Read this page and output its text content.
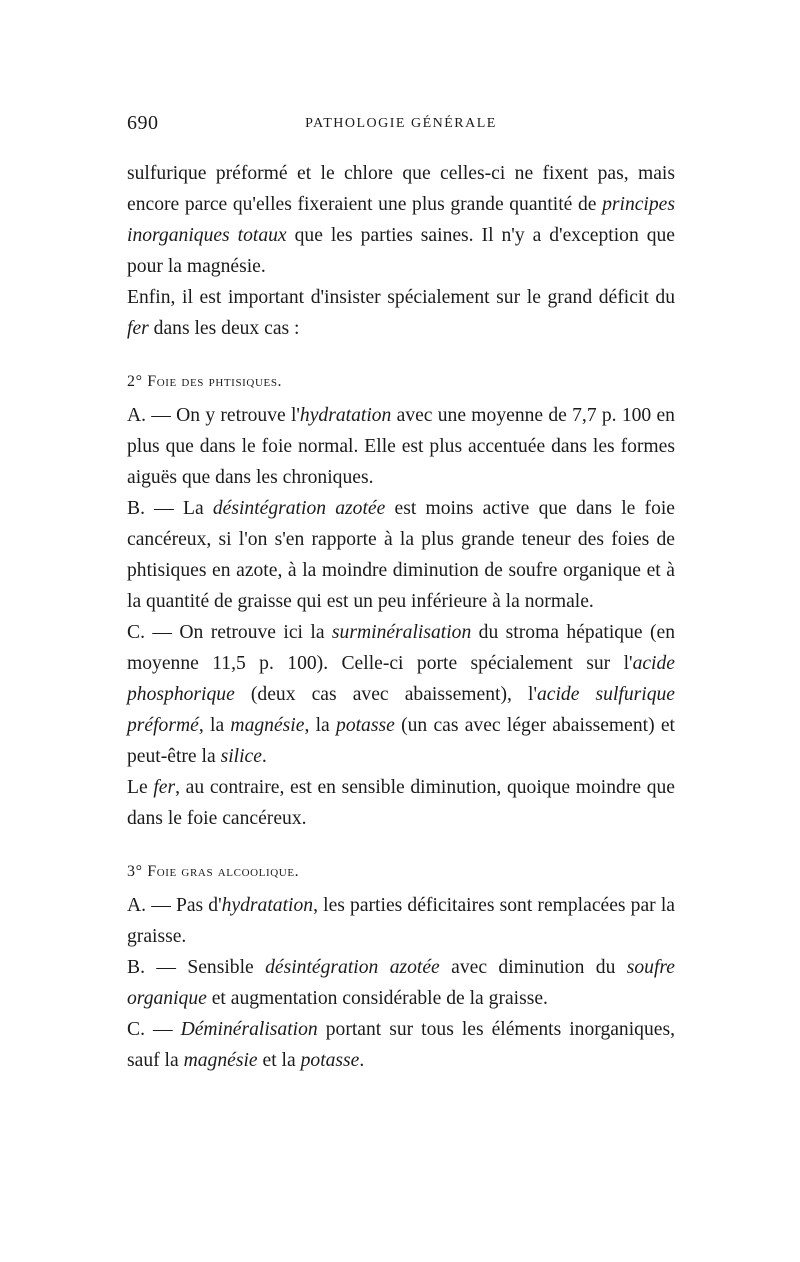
690	PATHOLOGIE GÉNÉRALE

sulfurique préformé et le chlore que celles-ci ne fixent pas, mais encore parce qu'elles fixeraient une plus grande quantité de principes inorganiques totaux que les parties saines. Il n'y a d'exception que pour la magnésie.

Enfin, il est important d'insister spécialement sur le grand déficit du fer dans les deux cas :

2° Foie des phtisiques.

A. — On y retrouve l'hydratation avec une moyenne de 7,7 p. 100 en plus que dans le foie normal. Elle est plus accentuée dans les formes aiguës que dans les chroniques.

B. — La désintégration azotée est moins active que dans le foie cancéreux, si l'on s'en rapporte à la plus grande teneur des foies de phtisiques en azote, à la moindre diminution de soufre organique et à la quantité de graisse qui est un peu inférieure à la normale.

C. — On retrouve ici la surminéralisation du stroma hépatique (en moyenne 11,5 p. 100). Celle-ci porte spécialement sur l'acide phosphorique (deux cas avec abaissement), l'acide sulfurique préformé, la magnésie, la potasse (un cas avec léger abaissement) et peut-être la silice.

Le fer, au contraire, est en sensible diminution, quoique moindre que dans le foie cancéreux.

3° Foie gras alcoolique.

A. — Pas d'hydratation, les parties déficitaires sont remplacées par la graisse.

B. — Sensible désintégration azotée avec diminution du soufre organique et augmentation considérable de la graisse.

C. — Déminéralisation portant sur tous les éléments inorganiques, sauf la magnésie et la potasse.
